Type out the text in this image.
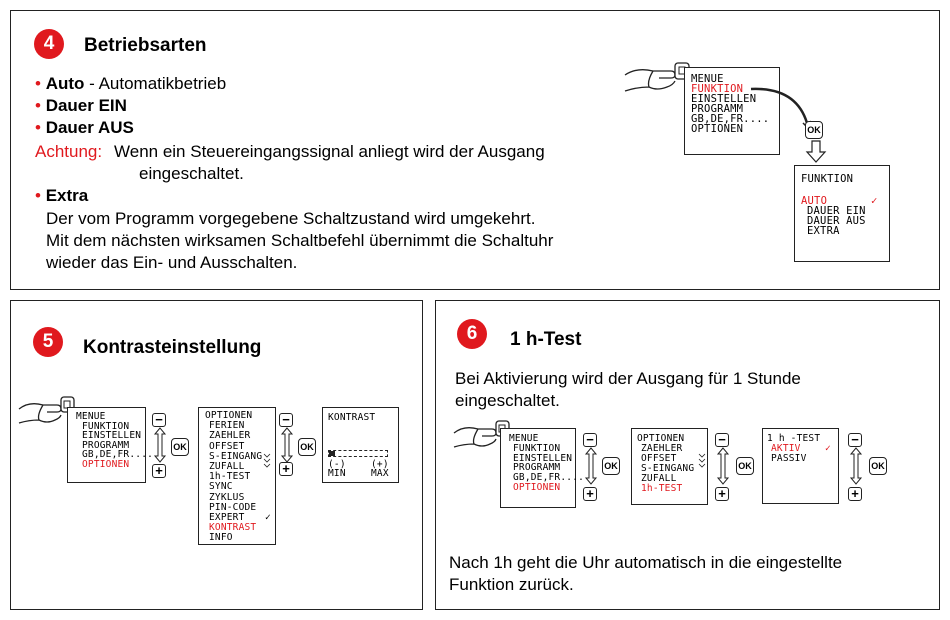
4	Betriebsarten
• Auto - Automatikbetrieb
• Dauer EIN
• Dauer AUS
Achtung: Wenn ein Steuereingangssignal anliegt wird der Ausgang
eingeschaltet.
• Extra
Der vom Programm vorgegebene Schaltzustand wird umgekehrt.
Mit dem nächsten wirksamen Schaltbefehl übernimmt die Schaltuhr
wieder das Ein- und Ausschalten.
MENUE
FUNKTION
EINSTELLEN
PROGRAMM
GB,DE,FR....
OPTIONEN	OK
FUNKTION
AUTO	✓
DAUER EIN
DAUER AUS
EXTRA
5	Kontrasteinstellung
MENUE
FUNKTION
EINSTELLEN
PROGRAMM
GB,DE,FR....
OPTIONEN
−
+
OK
OPTIONEN
FERIEN
ZAEHLER
OFFSET
S-EINGANG
ZUFALL
1h-TEST
SYNC
ZYKLUS
PIN-CODE
EXPERT ✓
KONTRAST
INFO
−
+
OK
KONTRAST
(-)	(+)
MIN	MAX
6	1 h-Test
Bei Aktivierung wird der Ausgang für 1 Stunde
eingeschaltet.
MENUE
FUNKTION
EINSTELLEN
PROGRAMM
GB,DE,FR....
OPTIONEN
OPTIONEN
ZAEHLER
OFFSET
S-EINGANG
ZUFALL
1h-TEST
−
+
OK
−
+
OK
1 h -TEST
AKTIV	✓
PASSIV
−
+
OK
Nach 1h geht die Uhr automatisch in die eingestellte
Funktion zurück.
